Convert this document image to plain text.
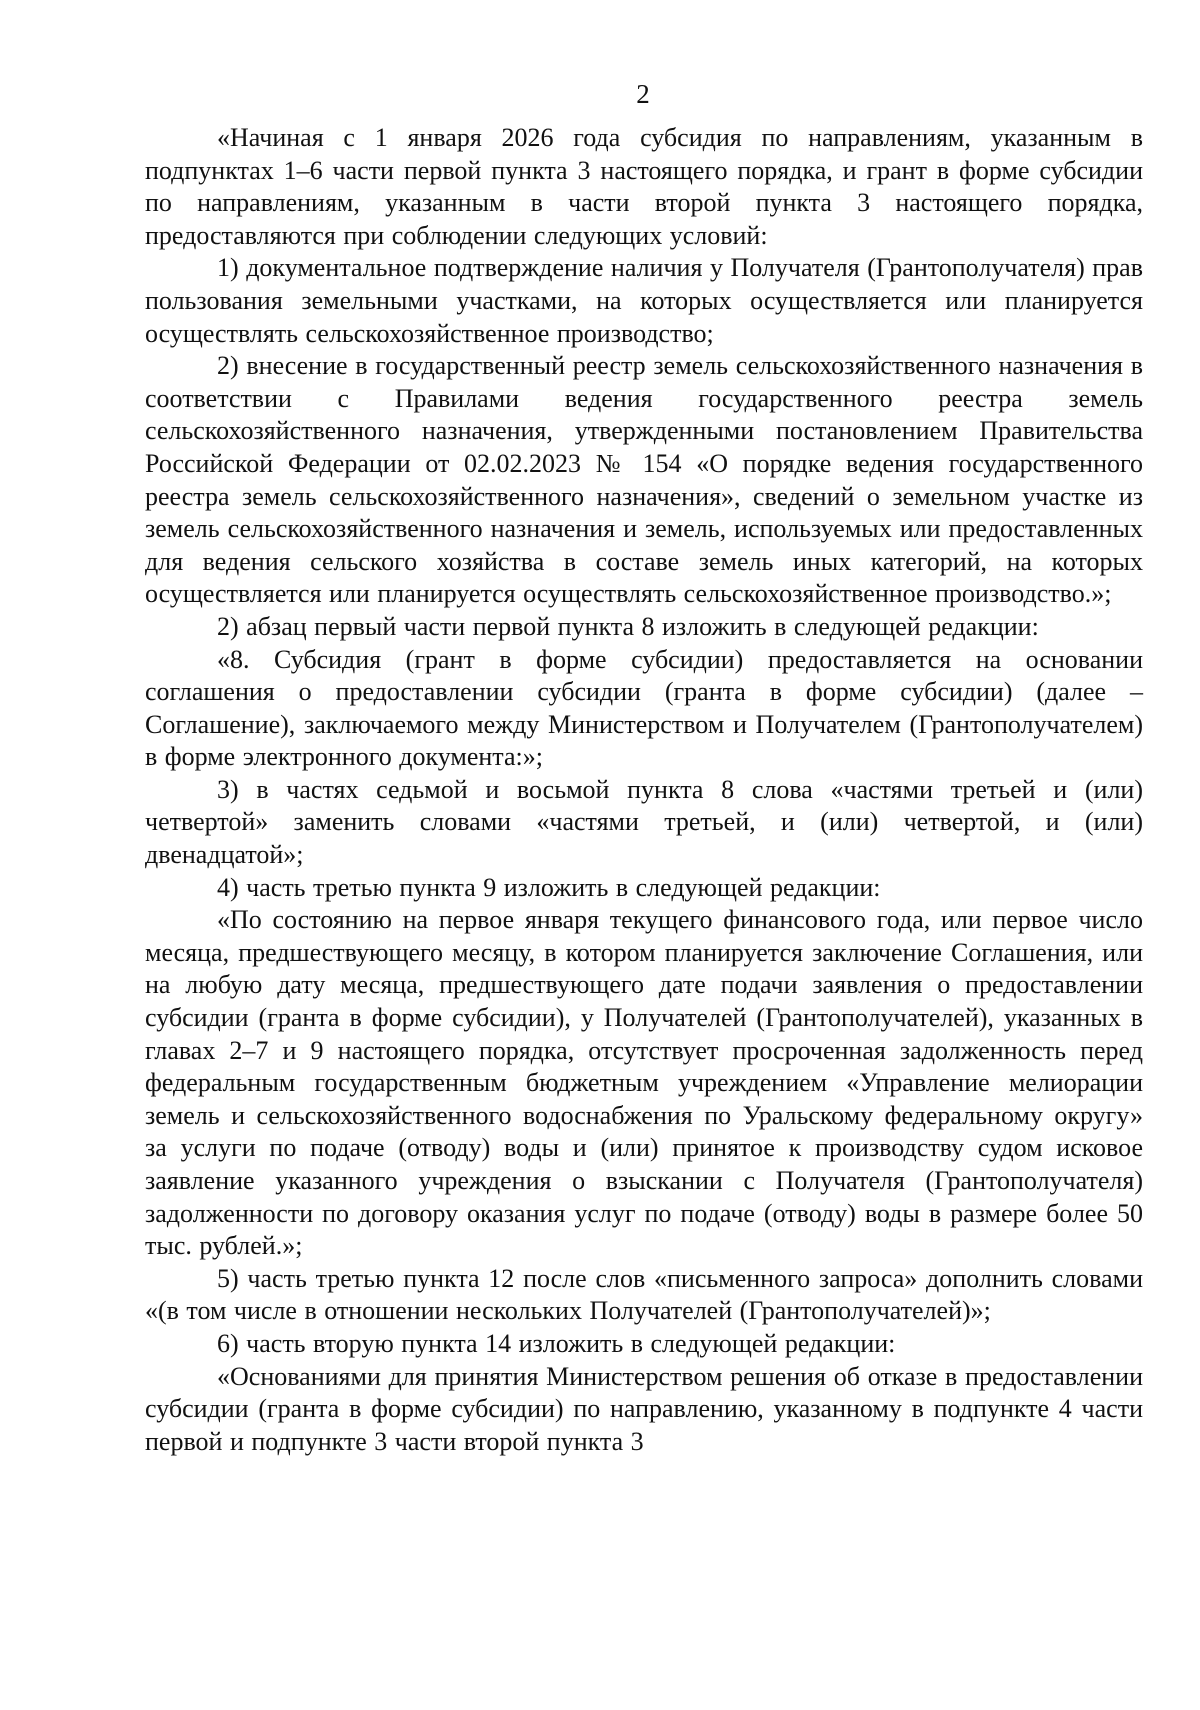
2

«Начиная с 1 января 2026 года субсидия по направлениям, указанным в подпунктах 1–6 части первой пункта 3 настоящего порядка, и грант в форме субсидии по направлениям, указанным в части второй пункта 3 настоящего порядка, предоставляются при соблюдении следующих условий:

1) документальное подтверждение наличия у Получателя (Грантополучателя) прав пользования земельными участками, на которых осуществляется или планируется осуществлять сельскохозяйственное производство;

2) внесение в государственный реестр земель сельскохозяйственного назначения в соответствии с Правилами ведения государственного реестра земель сельскохозяйственного назначения, утвержденными постановлением Правительства Российской Федерации от 02.02.2023 № 154 «О порядке ведения государственного реестра земель сельскохозяйственного назначения», сведений о земельном участке из земель сельскохозяйственного назначения и земель, используемых или предоставленных для ведения сельского хозяйства в составе земель иных категорий, на которых осуществляется или планируется осуществлять сельскохозяйственное производство.»;

2) абзац первый части первой пункта 8 изложить в следующей редакции:

«8. Субсидия (грант в форме субсидии) предоставляется на основании соглашения о предоставлении субсидии (гранта в форме субсидии) (далее – Соглашение), заключаемого между Министерством и Получателем (Грантополучателем) в форме электронного документа:»;

3) в частях седьмой и восьмой пункта 8 слова «частями третьей и (или) четвертой» заменить словами «частями третьей, и (или) четвертой, и (или) двенадцатой»;

4) часть третью пункта 9 изложить в следующей редакции:

«По состоянию на первое января текущего финансового года, или первое число месяца, предшествующего месяцу, в котором планируется заключение Соглашения, или на любую дату месяца, предшествующего дате подачи заявления о предоставлении субсидии (гранта в форме субсидии), у Получателей (Грантополучателей), указанных в главах 2–7 и 9 настоящего порядка, отсутствует просроченная задолженность перед федеральным государственным бюджетным учреждением «Управление мелиорации земель и сельскохозяйственного водоснабжения по Уральскому федеральному округу» за услуги по подаче (отводу) воды и (или) принятое к производству судом исковое заявление указанного учреждения о взыскании с Получателя (Грантополучателя) задолженности по договору оказания услуг по подаче (отводу) воды в размере более 50 тыс. рублей.»;

5) часть третью пункта 12 после слов «письменного запроса» дополнить словами «(в том числе в отношении нескольких Получателей (Грантополучателей)»;

6) часть вторую пункта 14 изложить в следующей редакции:

«Основаниями для принятия Министерством решения об отказе в предоставлении субсидии (гранта в форме субсидии) по направлению, указанному в подпункте 4 части первой и подпункте 3 части второй пункта 3
